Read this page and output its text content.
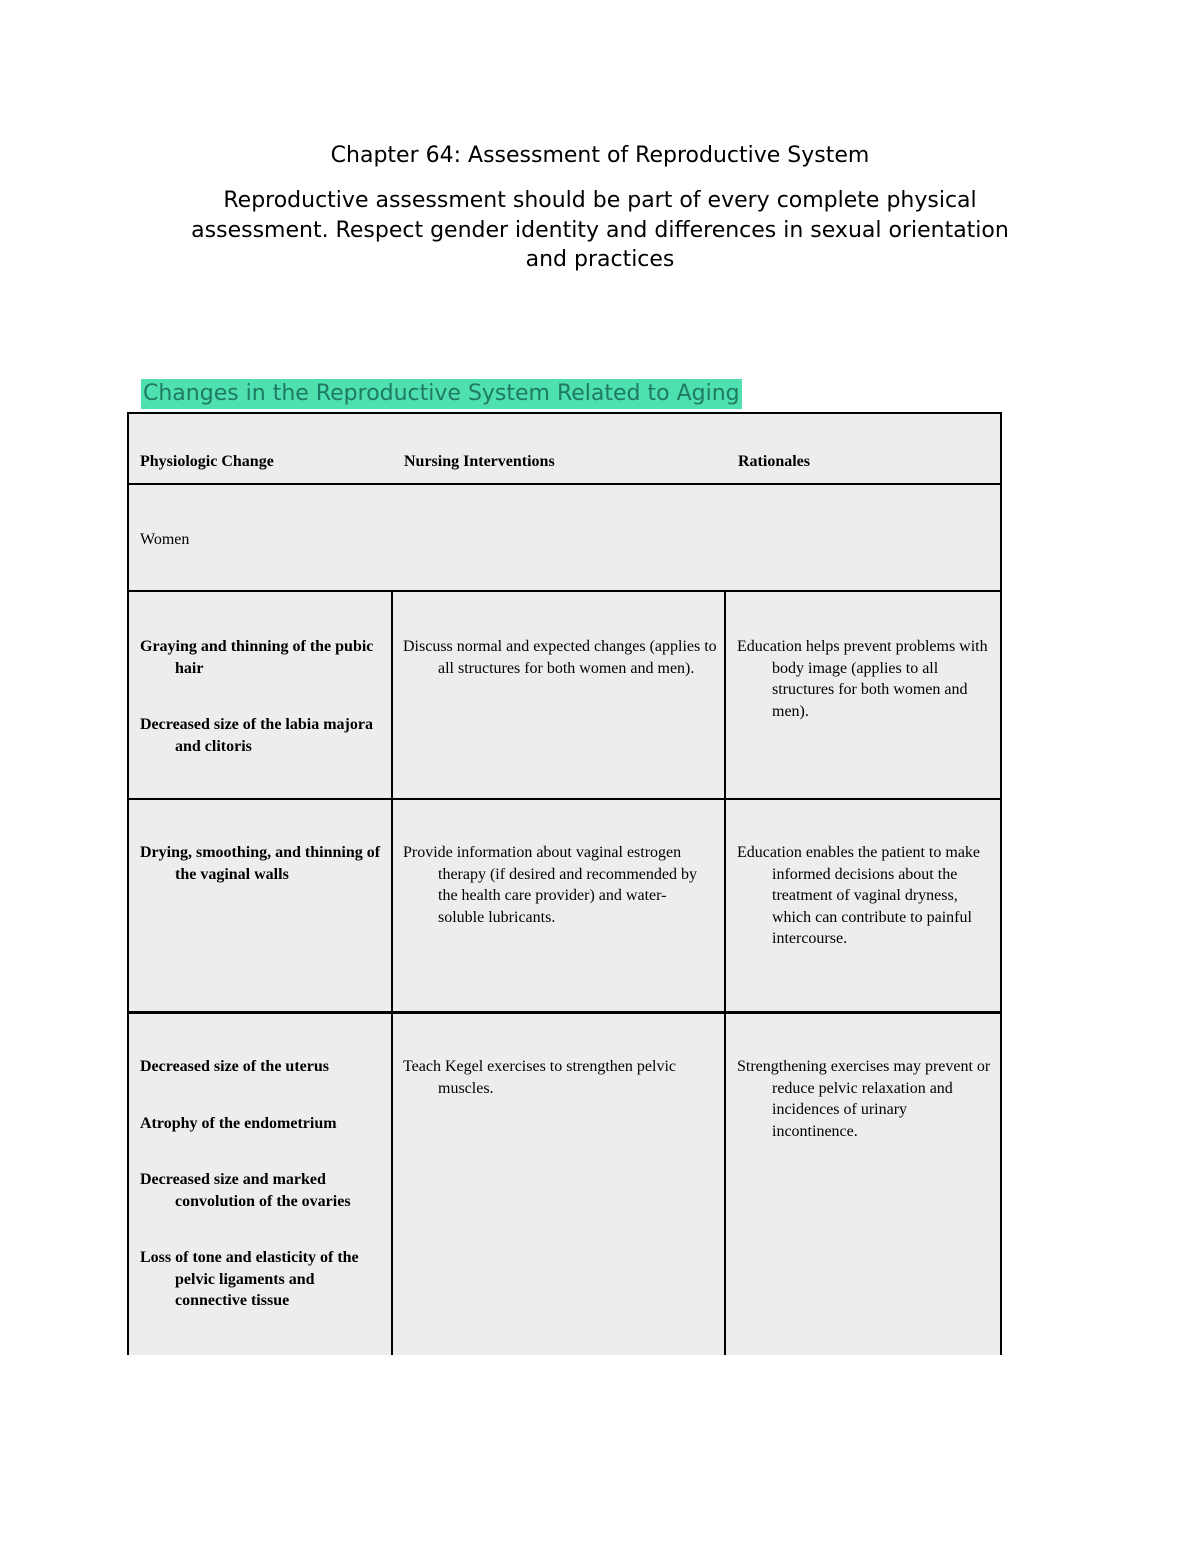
Chapter 64: Assessment of Reproductive System
Reproductive assessment should be part of every complete physical
assessment. Respect gender identity and differences in sexual orientation
and practices
Changes in the Reproductive System Related to Aging
Physiologic Change	Nursing Interventions	Rationales
Women

Graying and thinning of the pubic hair

Decreased size of the labia majora and clitoris

Discuss normal and expected changes (applies to all structures for both women and men).

Education helps prevent problems with body image (applies to all structures for both women and men).

Drying, smoothing, and thinning of the vaginal walls

Provide information about vaginal estrogen therapy (if desired and recommended by the health care provider) and water-soluble lubricants.

Education enables the patient to make informed decisions about the treatment of vaginal dryness, which can contribute to painful intercourse.

Decreased size of the uterus

Atrophy of the endometrium

Decreased size and marked convolution of the ovaries

Loss of tone and elasticity of the pelvic ligaments and connective tissue

Teach Kegel exercises to strengthen pelvic muscles.

Strengthening exercises may prevent or reduce pelvic relaxation and incidences of urinary incontinence.
